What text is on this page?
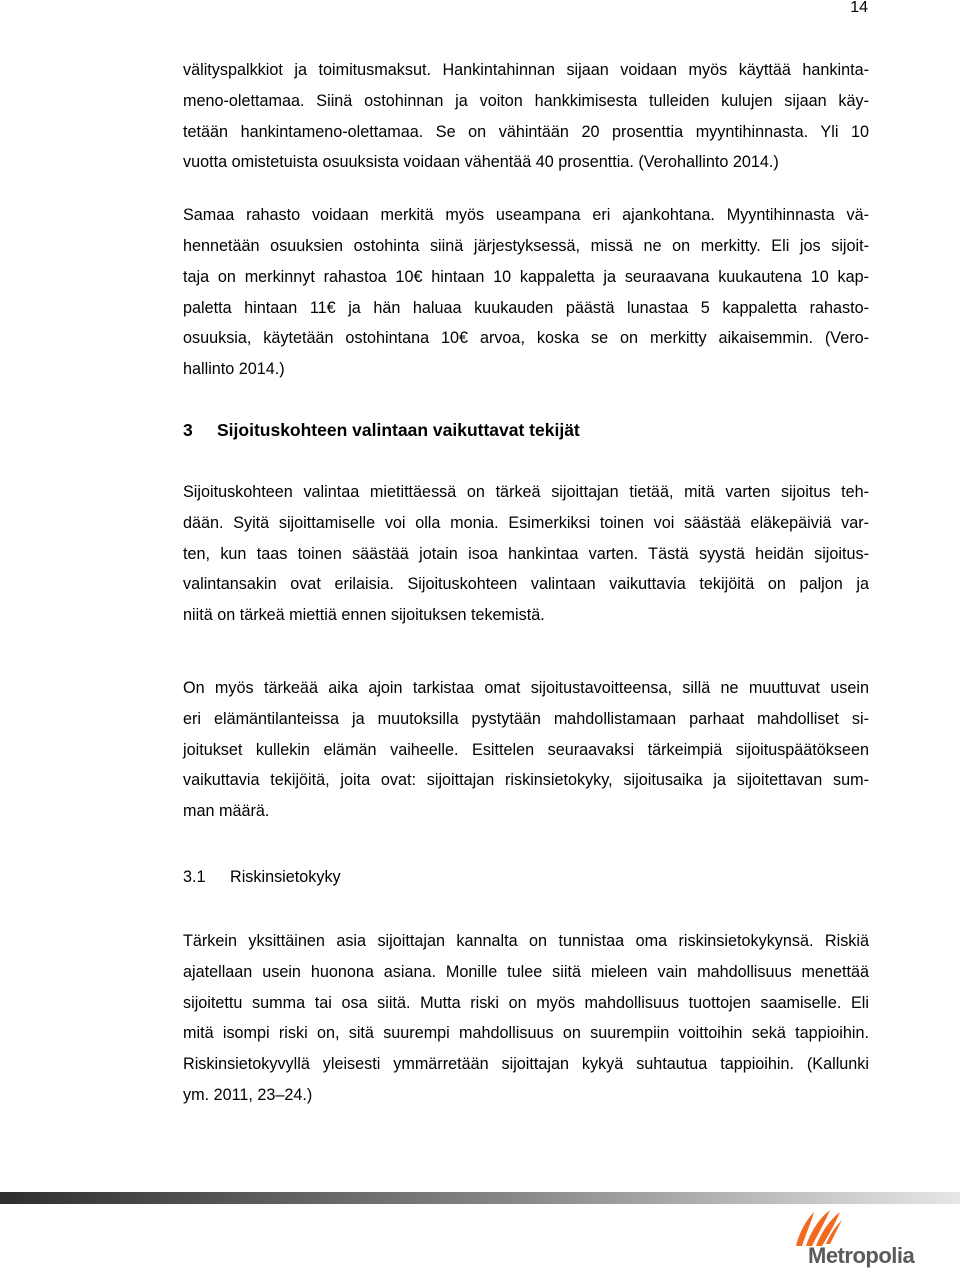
14
välityspalkkiot ja toimitusmaksut. Hankintahinnan sijaan voidaan myös käyttää hankinta-
meno-olettamaa. Siinä ostohinnan ja voiton hankkimisesta tulleiden kulujen sijaan käy-
tetään hankintameno-olettamaa. Se on vähintään 20 prosenttia myyntihinnasta. Yli 10
vuotta omistetuista osuuksista voidaan vähentää 40 prosenttia. (Verohallinto 2014.)
Samaa rahasto voidaan merkitä myös useampana eri ajankohtana. Myyntihinnasta vä-
hennetään osuuksien ostohinta siinä järjestyksessä, missä ne on merkitty. Eli jos sijoit-
taja on merkinnyt rahastoa 10€ hintaan 10 kappaletta ja seuraavana kuukautena 10 kap-
paletta hintaan 11€ ja hän haluaa kuukauden päästä lunastaa 5 kappaletta rahasto-
osuuksia, käytetään ostohintana 10€ arvoa, koska se on merkitty aikaisemmin. (Vero-
hallinto 2014.)
3	Sijoituskohteen valintaan vaikuttavat tekijät
Sijoituskohteen valintaa mietittäessä on tärkeä sijoittajan tietää, mitä varten sijoitus teh-
dään. Syitä sijoittamiselle voi olla monia. Esimerkiksi toinen voi säästää eläkepäiviä var-
ten, kun taas toinen säästää jotain isoa hankintaa varten. Tästä syystä heidän sijoitus-
valintansakin ovat erilaisia. Sijoituskohteen valintaan vaikuttavia tekijöitä on paljon ja
niitä on tärkeä miettiä ennen sijoituksen tekemistä.
On myös tärkeää aika ajoin tarkistaa omat sijoitustavoitteensa, sillä ne muuttuvat usein
eri elämäntilanteissa ja muutoksilla pystytään mahdollistamaan parhaat mahdolliset si-
joitukset kullekin elämän vaiheelle. Esittelen seuraavaksi tärkeimpiä sijoituspäätökseen
vaikuttavia tekijöitä, joita ovat: sijoittajan riskinsietokyky, sijoitusaika ja sijoitettavan sum-
man määrä.
3.1	Riskinsietokyky
Tärkein yksittäinen asia sijoittajan kannalta on tunnistaa oma riskinsietokykynsä. Riskiä
ajatellaan usein huonona asiana. Monille tulee siitä mieleen vain mahdollisuus menettää
sijoitettu summa tai osa siitä. Mutta riski on myös mahdollisuus tuottojen saamiselle. Eli
mitä isompi riski on, sitä suurempi mahdollisuus on suurempiin voittoihin sekä tappioihin.
Riskinsietokyvyllä yleisesti ymmärretään sijoittajan kykyä suhtautua tappioihin. (Kallunki
ym. 2011, 23–24.)
Metropolia
